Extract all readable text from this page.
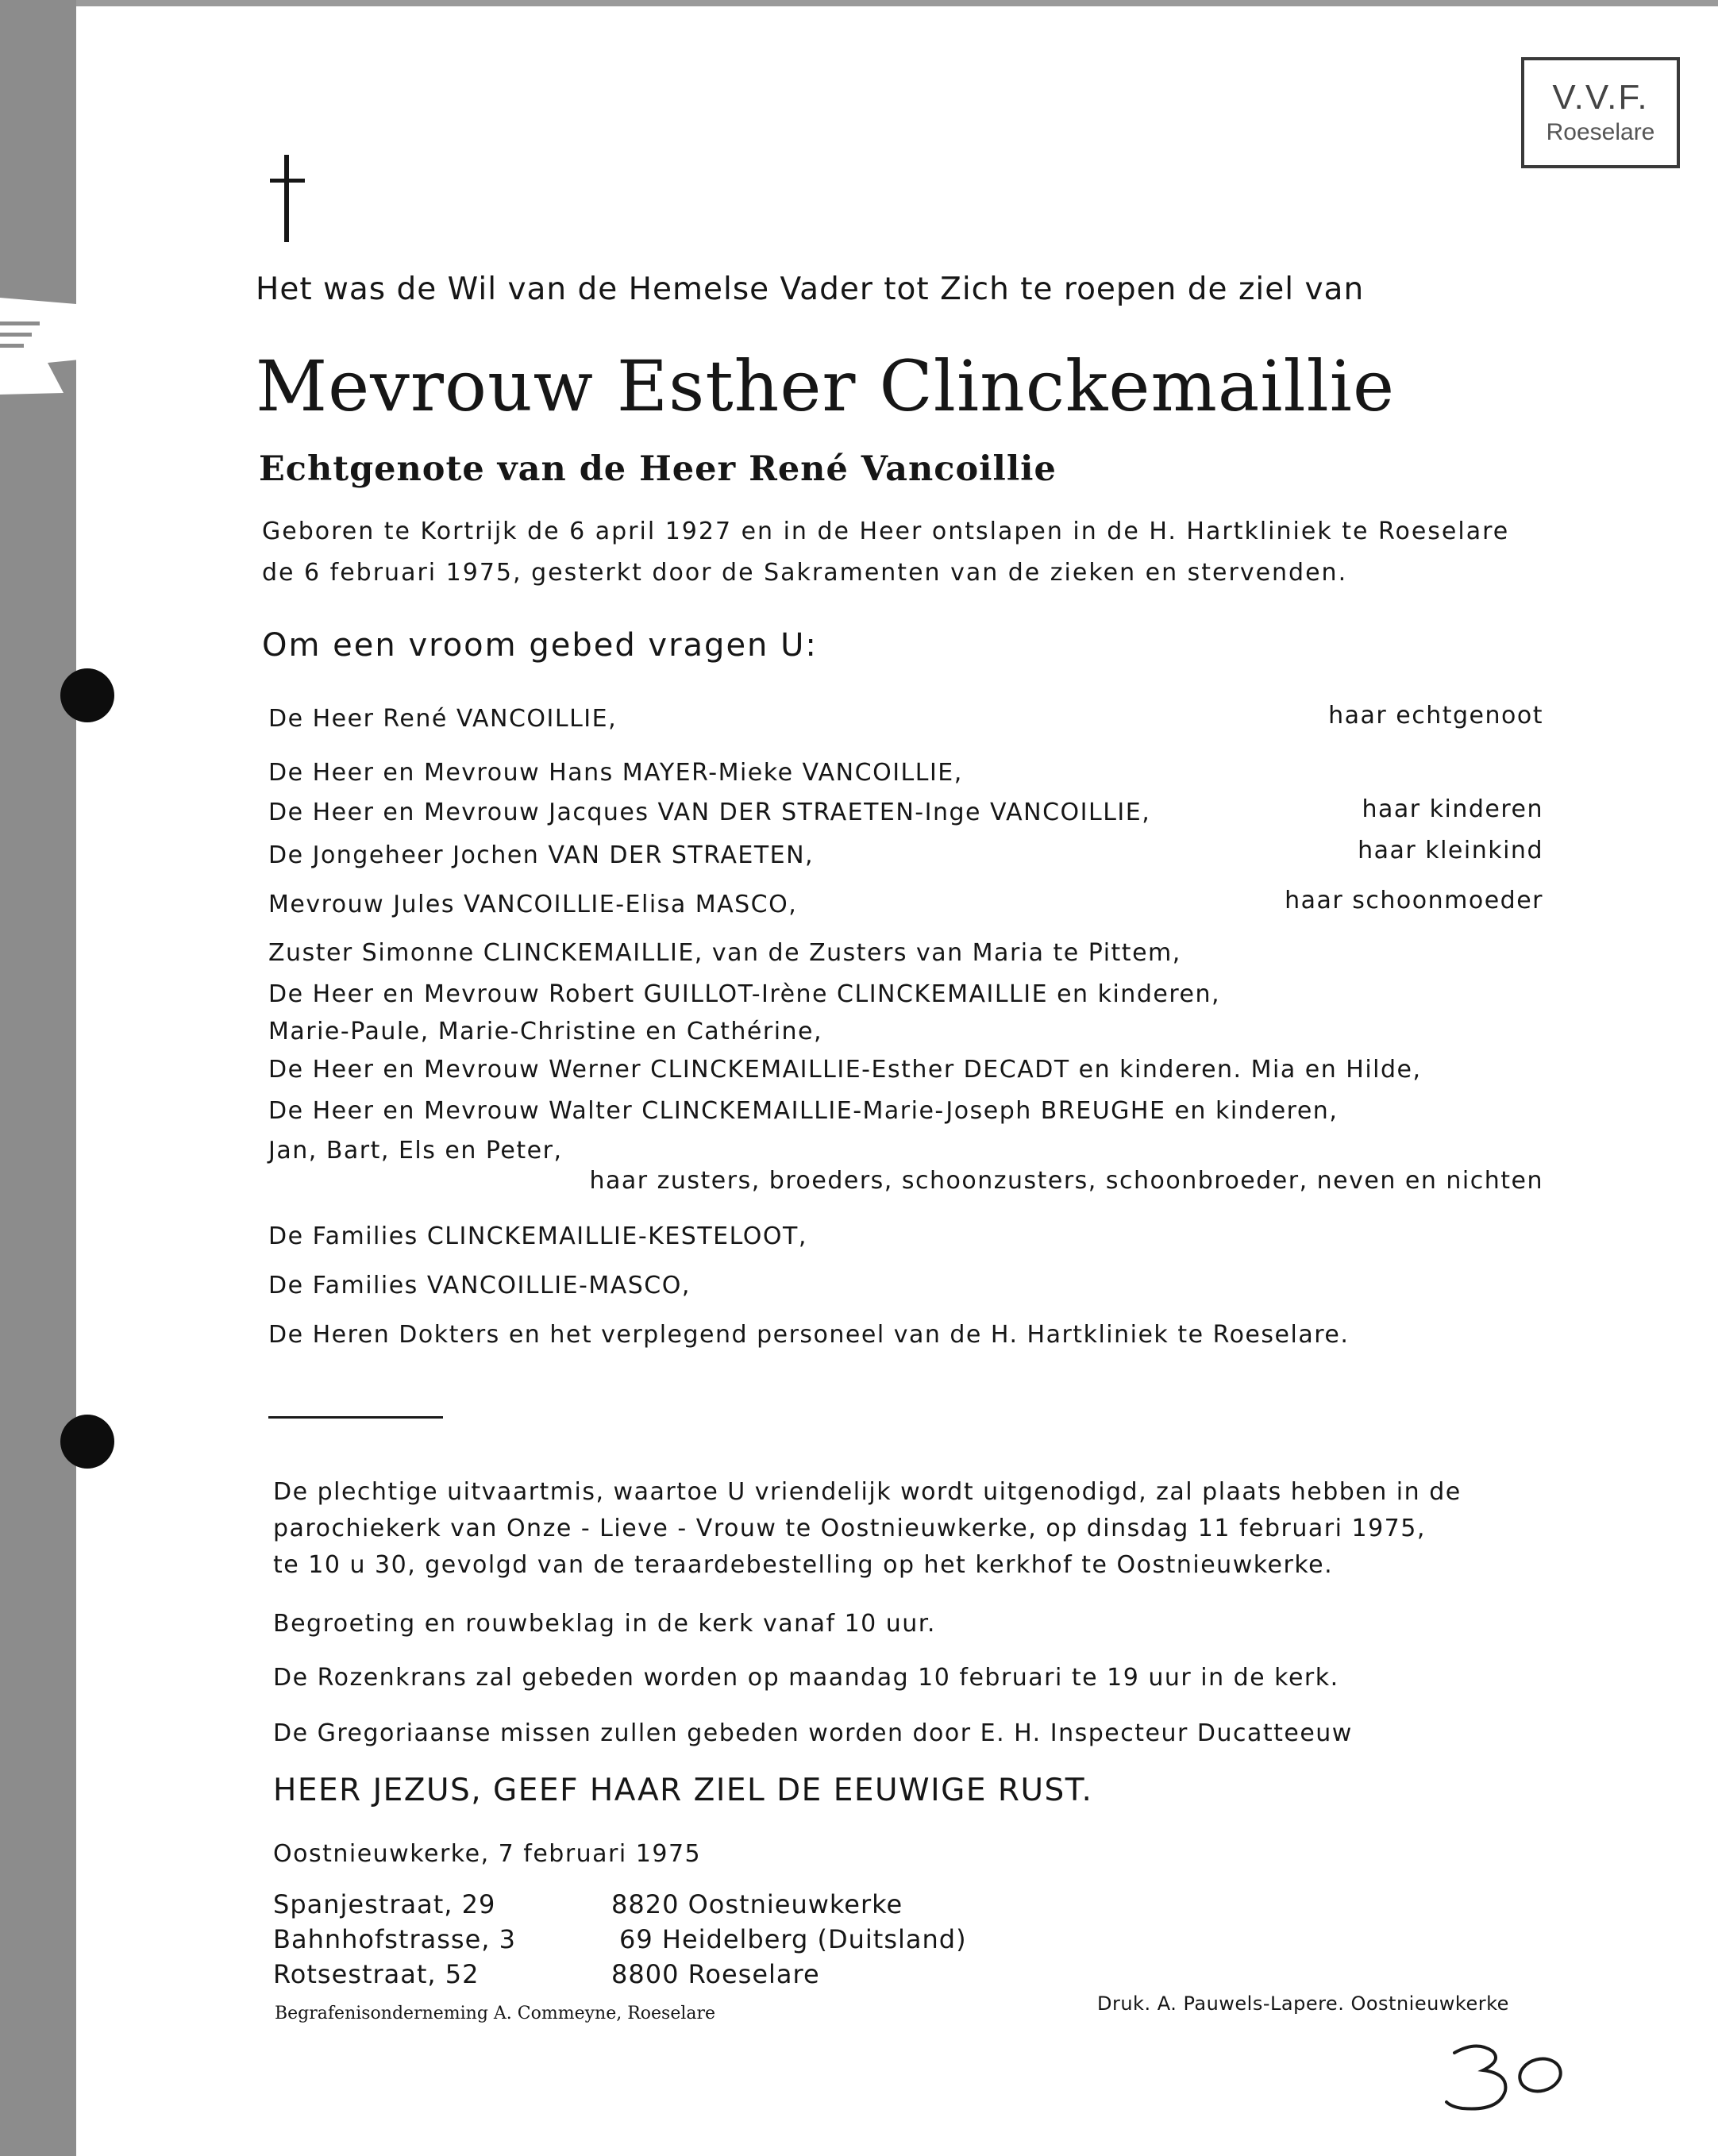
V.V.F.
Roeselare
Het was de Wil van de Hemelse Vader tot Zich te roepen de ziel van
Mevrouw Esther Clinckemaillie
Echtgenote van de Heer René Vancoillie
Geboren te Kortrijk de 6 april 1927 en in de Heer ontslapen in de H. Hartkliniek te Roeselare
de 6 februari 1975, gesterkt door de Sakramenten van de zieken en stervenden.
Om een vroom gebed vragen U:
De Heer René VANCOILLIE,	haar echtgenoot
De Heer en Mevrouw Hans MAYER-Mieke VANCOILLIE,
De Heer en Mevrouw Jacques VAN DER STRAETEN-Inge VANCOILLIE,	haar kinderen
De Jongeheer Jochen VAN DER STRAETEN,	haar kleinkind
Mevrouw Jules VANCOILLIE-Elisa MASCO,	haar schoonmoeder
Zuster Simonne CLINCKEMAILLIE, van de Zusters van Maria te Pittem,
De Heer en Mevrouw Robert GUILLOT-Irène CLINCKEMAILLIE en kinderen,
Marie-Paule, Marie-Christine en Cathérine,
De Heer en Mevrouw Werner CLINCKEMAILLIE-Esther DECADT en kinderen. Mia en Hilde,
De Heer en Mevrouw Walter CLINCKEMAILLIE-Marie-Joseph BREUGHE en kinderen,
Jan, Bart, Els en Peter,
haar zusters, broeders, schoonzusters, schoonbroeder, neven en nichten
De Families CLINCKEMAILLIE-KESTELOOT,
De Families VANCOILLIE-MASCO,
De Heren Dokters en het verplegend personeel van de H. Hartkliniek te Roeselare.
De plechtige uitvaartmis, waartoe U vriendelijk wordt uitgenodigd, zal plaats hebben in de
parochiekerk van Onze - Lieve - Vrouw te Oostnieuwkerke, op dinsdag 11 februari 1975,
te 10 u 30, gevolgd van de teraardebestelling op het kerkhof te Oostnieuwkerke.
Begroeting en rouwbeklag in de kerk vanaf 10 uur.
De Rozenkrans zal gebeden worden op maandag 10 februari te 19 uur in de kerk.
De Gregoriaanse missen zullen gebeden worden door E. H. Inspecteur Ducatteeuw
HEER JEZUS, GEEF HAAR ZIEL DE EEUWIGE RUST.
Oostnieuwkerke, 7 februari 1975
Spanjestraat, 29	8820 Oostnieuwkerke
Bahnhofstrasse, 3	69 Heidelberg (Duitsland)
Rotsestraat, 52	8800 Roeselare
Begrafenisonderneming A. Commeyne, Roeselare	Druk. A. Pauwels-Lapere. Oostnieuwkerke
